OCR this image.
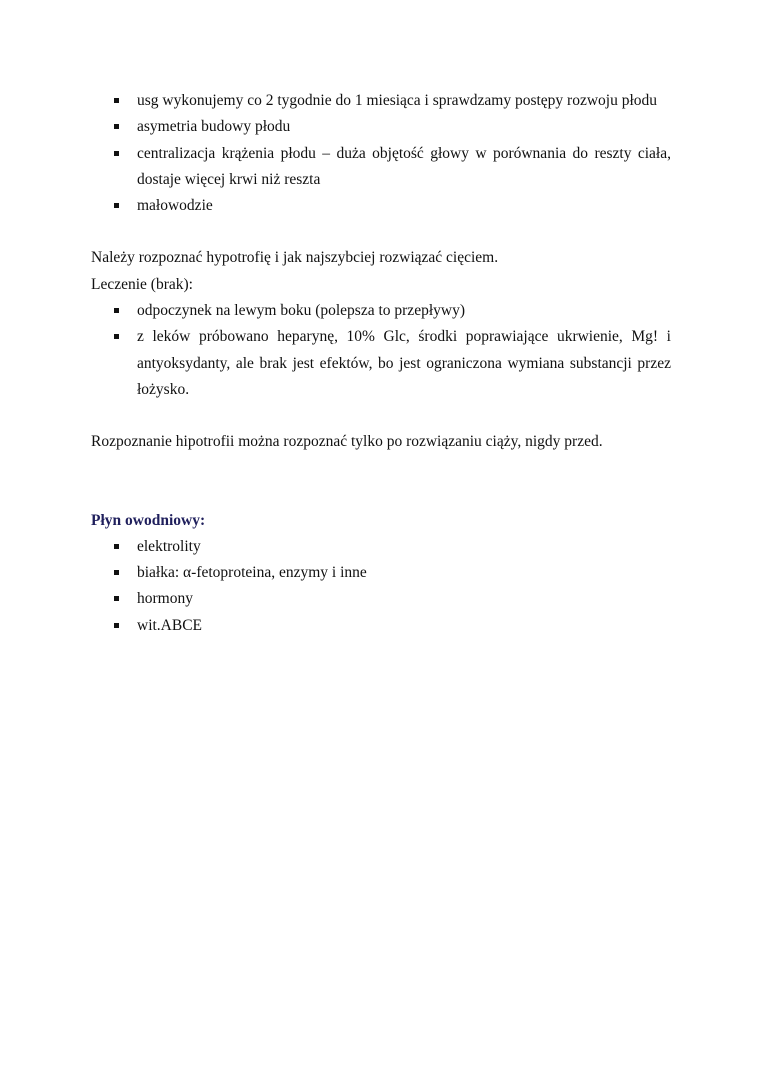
usg wykonujemy co 2 tygodnie do 1 miesiąca i sprawdzamy postępy rozwoju płodu
asymetria budowy płodu
centralizacja krążenia płodu – duża objętość głowy w porównania do reszty ciała, dostaje więcej krwi niż reszta
małowodzie

Należy rozpoznać hypotrofię i jak najszybciej rozwiązać cięciem.

Leczenie (brak):

odpoczynek na lewym boku (polepsza to przepływy)
z leków próbowano heparynę, 10% Glc, środki poprawiające ukrwienie, Mg! i antyoksydanty, ale brak jest efektów, bo jest ograniczona wymiana substancji przez łożysko.

Rozpoznanie hipotrofii można rozpoznać tylko po rozwiązaniu ciąży, nigdy przed.

Płyn owodniowy:
elektrolity
białka: α-fetoproteina, enzymy i inne
hormony
wit.ABCE
